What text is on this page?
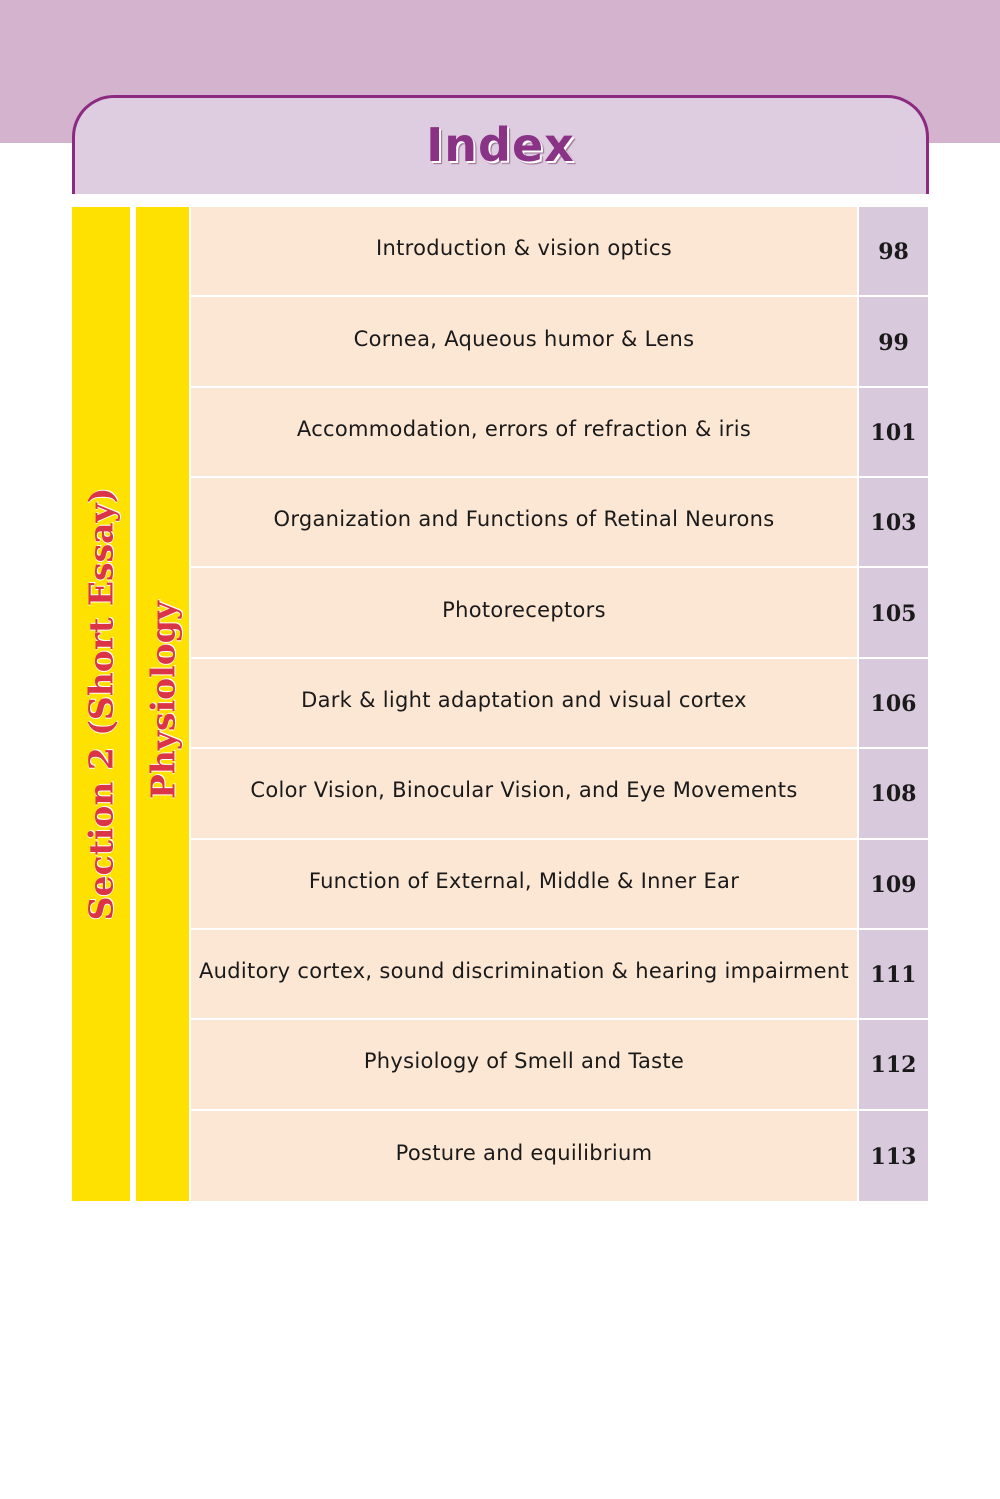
Index
Section 2 (Short Essay) Physiology
Introduction & vision optics	98
Cornea, Aqueous humor & Lens	99
Accommodation, errors of refraction & iris	101
Organization and Functions of Retinal Neurons	103
Photoreceptors	105
Dark & light adaptation and visual cortex	106
Color Vision, Binocular Vision, and Eye Movements	108
Function of External, Middle & Inner Ear	109
Auditory cortex, sound discrimination & hearing impairment 111
Physiology of Smell and Taste	112
Posture and equilibrium	113
